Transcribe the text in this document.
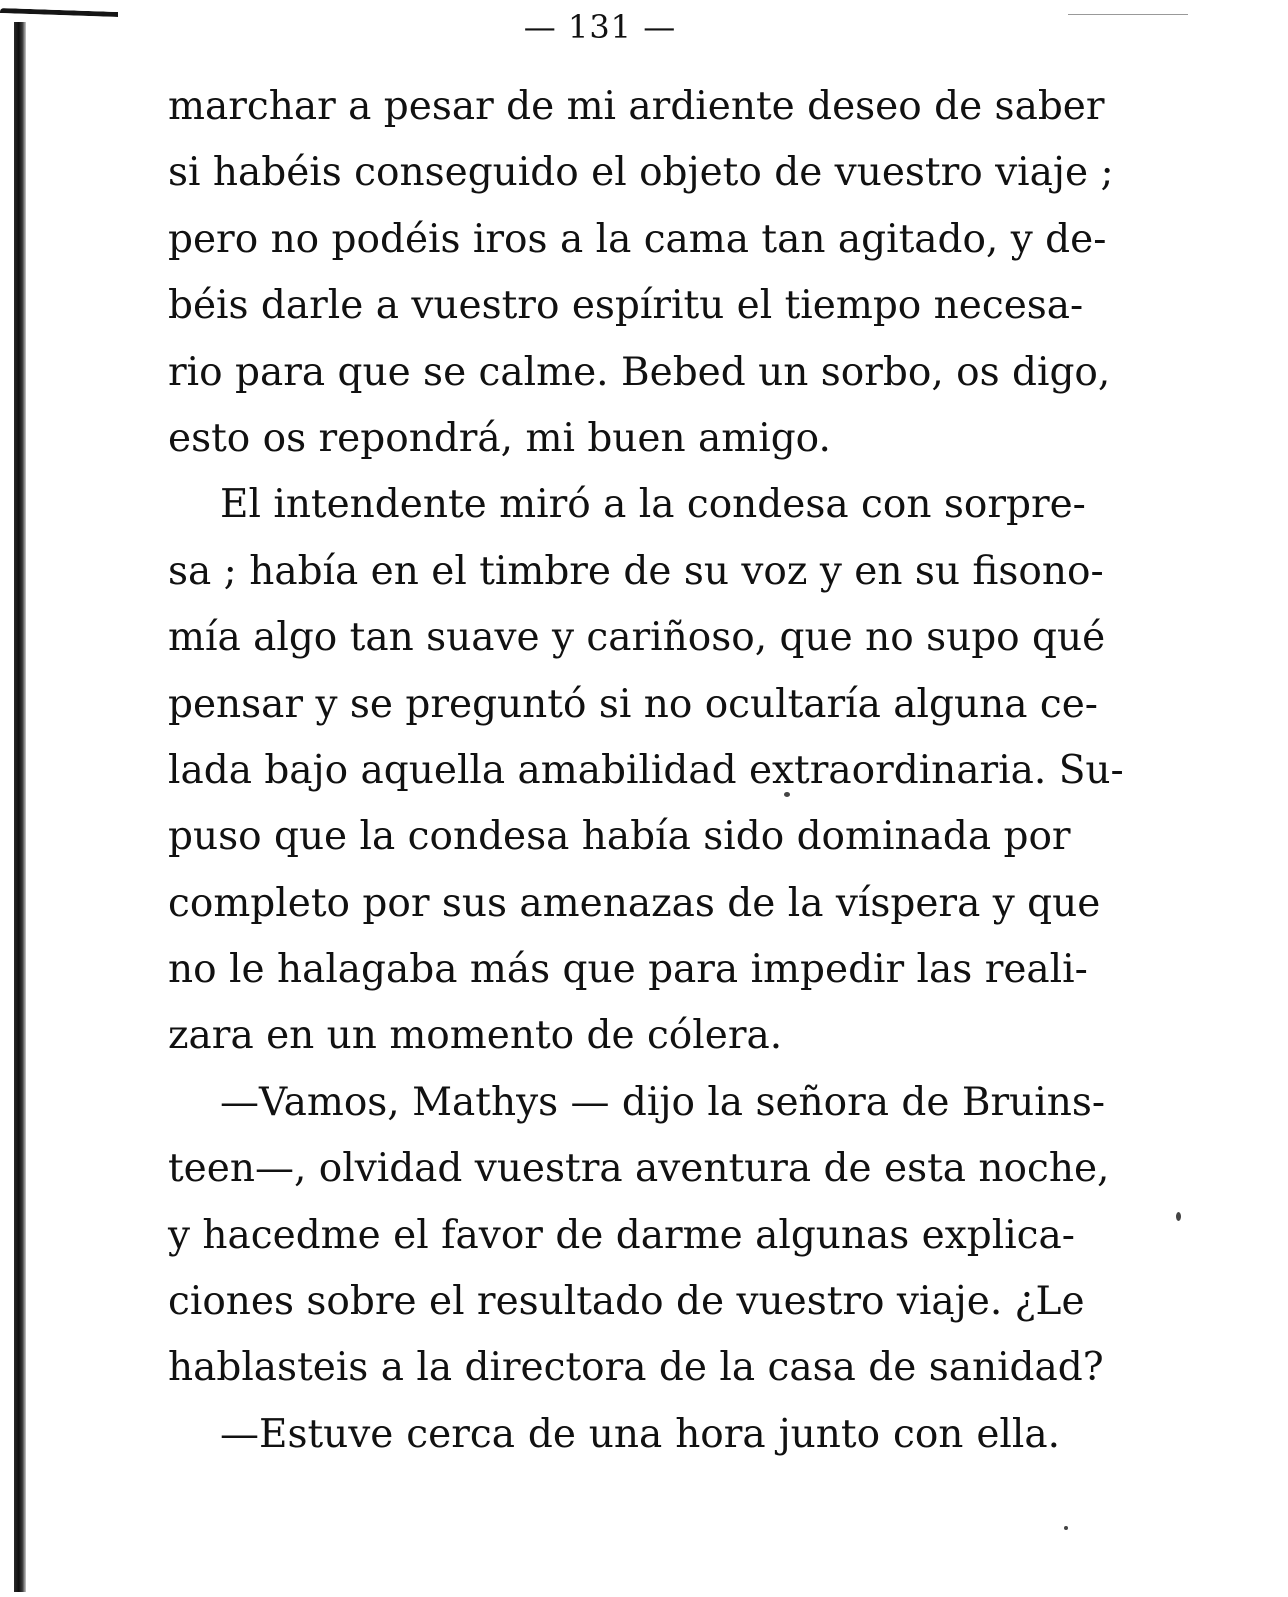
— 131 —
marchar a pesar de mi ardiente deseo de saber
si habéis conseguido el objeto de vuestro viaje ;
pero no podéis iros a la cama tan agitado, y de-
béis darle a vuestro espíritu el tiempo necesa-
rio para que se calme. Bebed un sorbo, os digo,
esto os repondrá, mi buen amigo.
El intendente miró a la condesa con sorpre-
sa ; había en el timbre de su voz y en su fisono-
mía algo tan suave y cariñoso, que no supo qué
pensar y se preguntó si no ocultaría alguna ce-
lada bajo aquella amabilidad extraordinaria. Su-
puso que la condesa había sido dominada por
completo por sus amenazas de la víspera y que
no le halagaba más que para impedir las reali-
zara en un momento de cólera.
—Vamos, Mathys — dijo la señora de Bruins-
teen—, olvidad vuestra aventura de esta noche,
y hacedme el favor de darme algunas explica-
ciones sobre el resultado de vuestro viaje. ¿Le
hablasteis a la directora de la casa de sanidad?
—Estuve cerca de una hora junto con ella.
